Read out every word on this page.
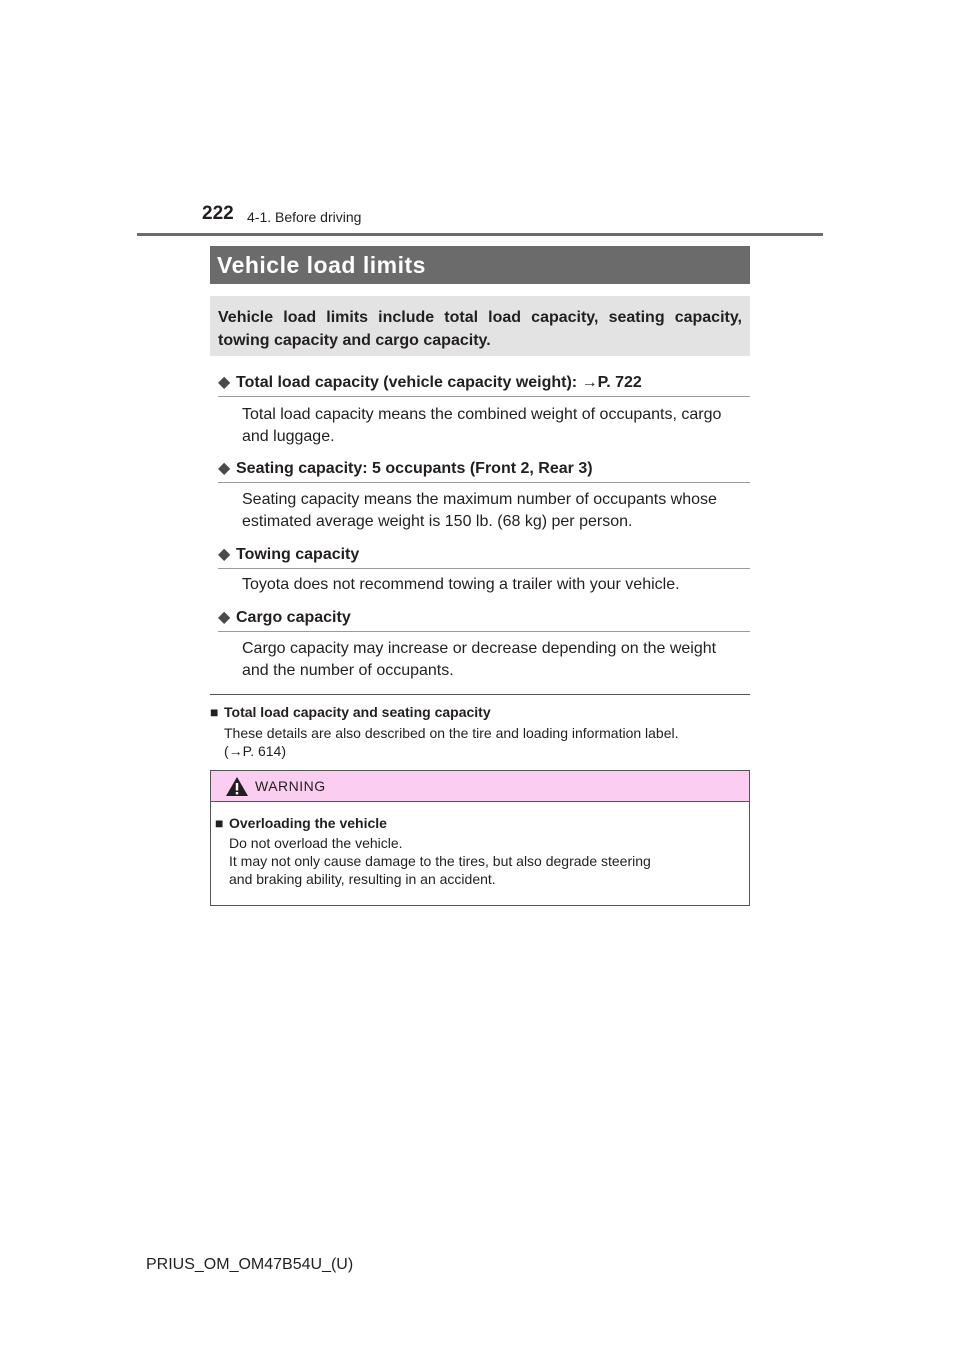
222 4-1. Before driving
Vehicle load limits
Vehicle load limits include total load capacity, seating capacity, towing capacity and cargo capacity.
◆ Total load capacity (vehicle capacity weight): →P. 722
Total load capacity means the combined weight of occupants, cargo
and luggage.
◆ Seating capacity: 5 occupants (Front 2, Rear 3)
Seating capacity means the maximum number of occupants whose
estimated average weight is 150 lb. (68 kg) per person.
◆ Towing capacity
Toyota does not recommend towing a trailer with your vehicle.
◆ Cargo capacity
Cargo capacity may increase or decrease depending on the weight
and the number of occupants.
■ Total load capacity and seating capacity
These details are also described on the tire and loading information label.
(→P. 614)
WARNING
■ Overloading the vehicle
Do not overload the vehicle.
It may not only cause damage to the tires, but also degrade steering
and braking ability, resulting in an accident.
PRIUS_OM_OM47B54U_(U)
